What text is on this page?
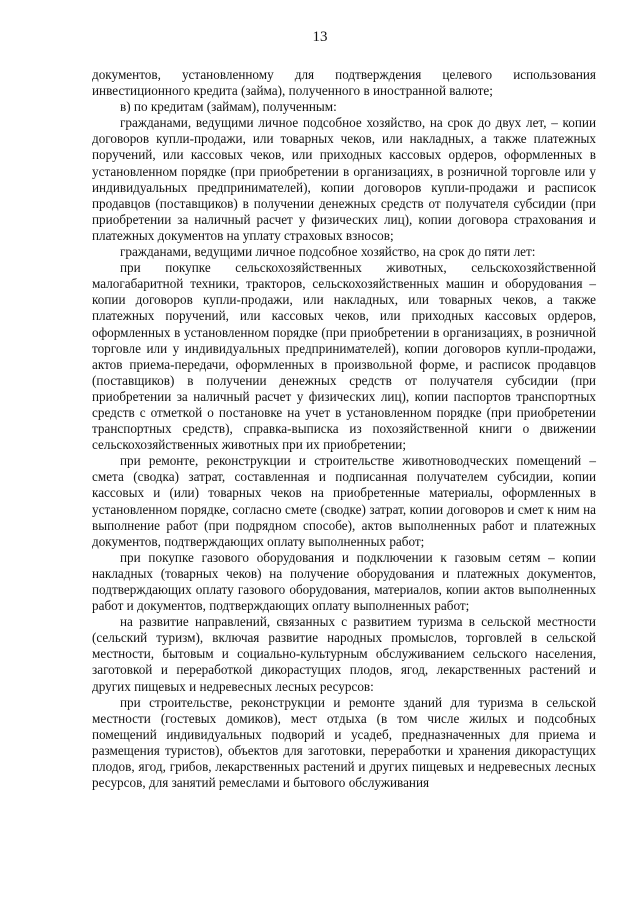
13

документов, установленному для подтверждения целевого использования инвестиционного кредита (займа), полученного в иностранной валюте;

в) по кредитам (займам), полученным:

гражданами, ведущими личное подсобное хозяйство, на срок до двух лет, – копии договоров купли-продажи, или товарных чеков, или накладных, а также платежных поручений, или кассовых чеков, или приходных кассовых ордеров, оформленных в установленном порядке (при приобретении в организациях, в розничной торговле или у индивидуальных предпринимателей), копии договоров купли-продажи и расписок продавцов (поставщиков) в получении денежных средств от получателя субсидии (при приобретении за наличный расчет у физических лиц), копии договора страхования и платежных документов на уплату страховых взносов;

гражданами, ведущими личное подсобное хозяйство, на срок до пяти лет:

при покупке сельскохозяйственных животных, сельскохозяйственной малогабаритной техники, тракторов, сельскохозяйственных машин и оборудования – копии договоров купли-продажи, или накладных, или товарных чеков, а также платежных поручений, или кассовых чеков, или приходных кассовых ордеров, оформленных в установленном порядке (при приобретении в организациях, в розничной торговле или у индивидуальных предпринимателей), копии договоров купли-продажи, актов приема-передачи, оформленных в произвольной форме, и расписок продавцов (поставщиков) в получении денежных средств от получателя субсидии (при приобретении за наличный расчет у физических лиц), копии паспортов транспортных средств с отметкой о постановке на учет в установленном порядке (при приобретении транспортных средств), справка-выписка из похозяйственной книги о движении сельскохозяйственных животных при их приобретении;

при ремонте, реконструкции и строительстве животноводческих помещений – смета (сводка) затрат, составленная и подписанная получателем субсидии, копии кассовых и (или) товарных чеков на приобретенные материалы, оформленных в установленном порядке, согласно смете (сводке) затрат, копии договоров и смет к ним на выполнение работ (при подрядном способе), актов выполненных работ и платежных документов, подтверждающих оплату выполненных работ;

при покупке газового оборудования и подключении к газовым сетям – копии накладных (товарных чеков) на получение оборудования и платежных документов, подтверждающих оплату газового оборудования, материалов, копии актов выполненных работ и документов, подтверждающих оплату выполненных работ;

на развитие направлений, связанных с развитием туризма в сельской местности (сельский туризм), включая развитие народных промыслов, торговлей в сельской местности, бытовым и социально-культурным обслуживанием сельского населения, заготовкой и переработкой дикорастущих плодов, ягод, лекарственных растений и других пищевых и недревесных лесных ресурсов:

при строительстве, реконструкции и ремонте зданий для туризма в сельской местности (гостевых домиков), мест отдыха (в том числе жилых и подсобных помещений индивидуальных подворий и усадеб, предназначенных для приема и размещения туристов), объектов для заготовки, переработки и хранения дикорастущих плодов, ягод, грибов, лекарственных растений и других пищевых и недревесных лесных ресурсов, для занятий ремеслами и бытового обслуживания
